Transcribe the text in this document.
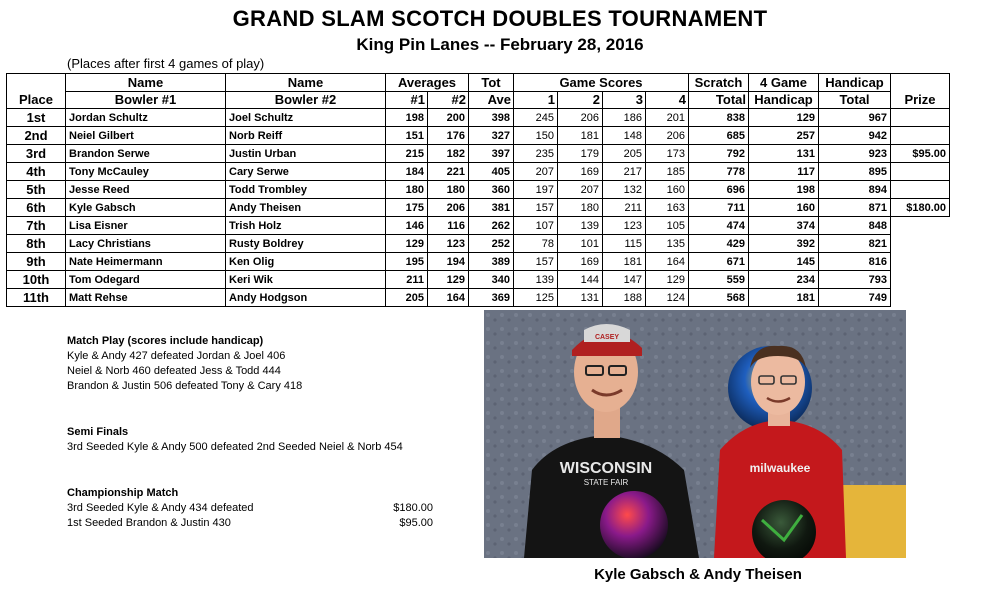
GRAND SLAM SCOTCH DOUBLES TOURNAMENT
King Pin Lanes -- February 28, 2016
(Places after first 4 games of play)
Place	Name	Name	Averages		Tot	Game Scores				Scratch	4 Game	Handicap	Prize
	Bowler #1	Bowler #2	#1	#2	Ave	1	2	3	4	Total	Handicap	Total	
1st	Jordan Schultz	Joel Schultz	198	200	398	245	206	186	201	838	129	967	
2nd	Neiel Gilbert	Norb Reiff	151	176	327	150	181	148	206	685	257	942	
3rd	Brandon Serwe	Justin Urban	215	182	397	235	179	205	173	792	131	923	$95.00
4th	Tony McCauley	Cary Serwe	184	221	405	207	169	217	185	778	117	895	
5th	Jesse Reed	Todd Trombley	180	180	360	197	207	132	160	696	198	894	
6th	Kyle Gabsch	Andy Theisen	175	206	381	157	180	211	163	711	160	871	$180.00
7th	Lisa Eisner	Trish Holz	146	116	262	107	139	123	105	474	374	848	
8th	Lacy Christians	Rusty Boldrey	129	123	252	78	101	115	135	429	392	821	
9th	Nate Heimermann	Ken Olig	195	194	389	157	169	181	164	671	145	816	
10th	Tom Odegard	Keri Wik	211	129	340	139	144	147	129	559	234	793	
11th	Matt Rehse	Andy Hodgson	205	164	369	125	131	188	124	568	181	749	
Match Play (scores include handicap)
Kyle & Andy 427 defeated Jordan & Joel 406
Neiel & Norb 460 defeated Jess & Todd 444
Brandon & Justin 506 defeated Tony & Cary 418
Semi Finals
3rd Seeded Kyle & Andy 500 defeated 2nd Seeded Neiel & Norb 454
Championship Match
3rd Seeded Kyle & Andy 434 defeated	$180.00
1st Seeded Brandon & Justin 430	$95.00
WISCONSIN
STATE FAIR
CASEY
milwaukee
Kyle Gabsch & Andy Theisen
